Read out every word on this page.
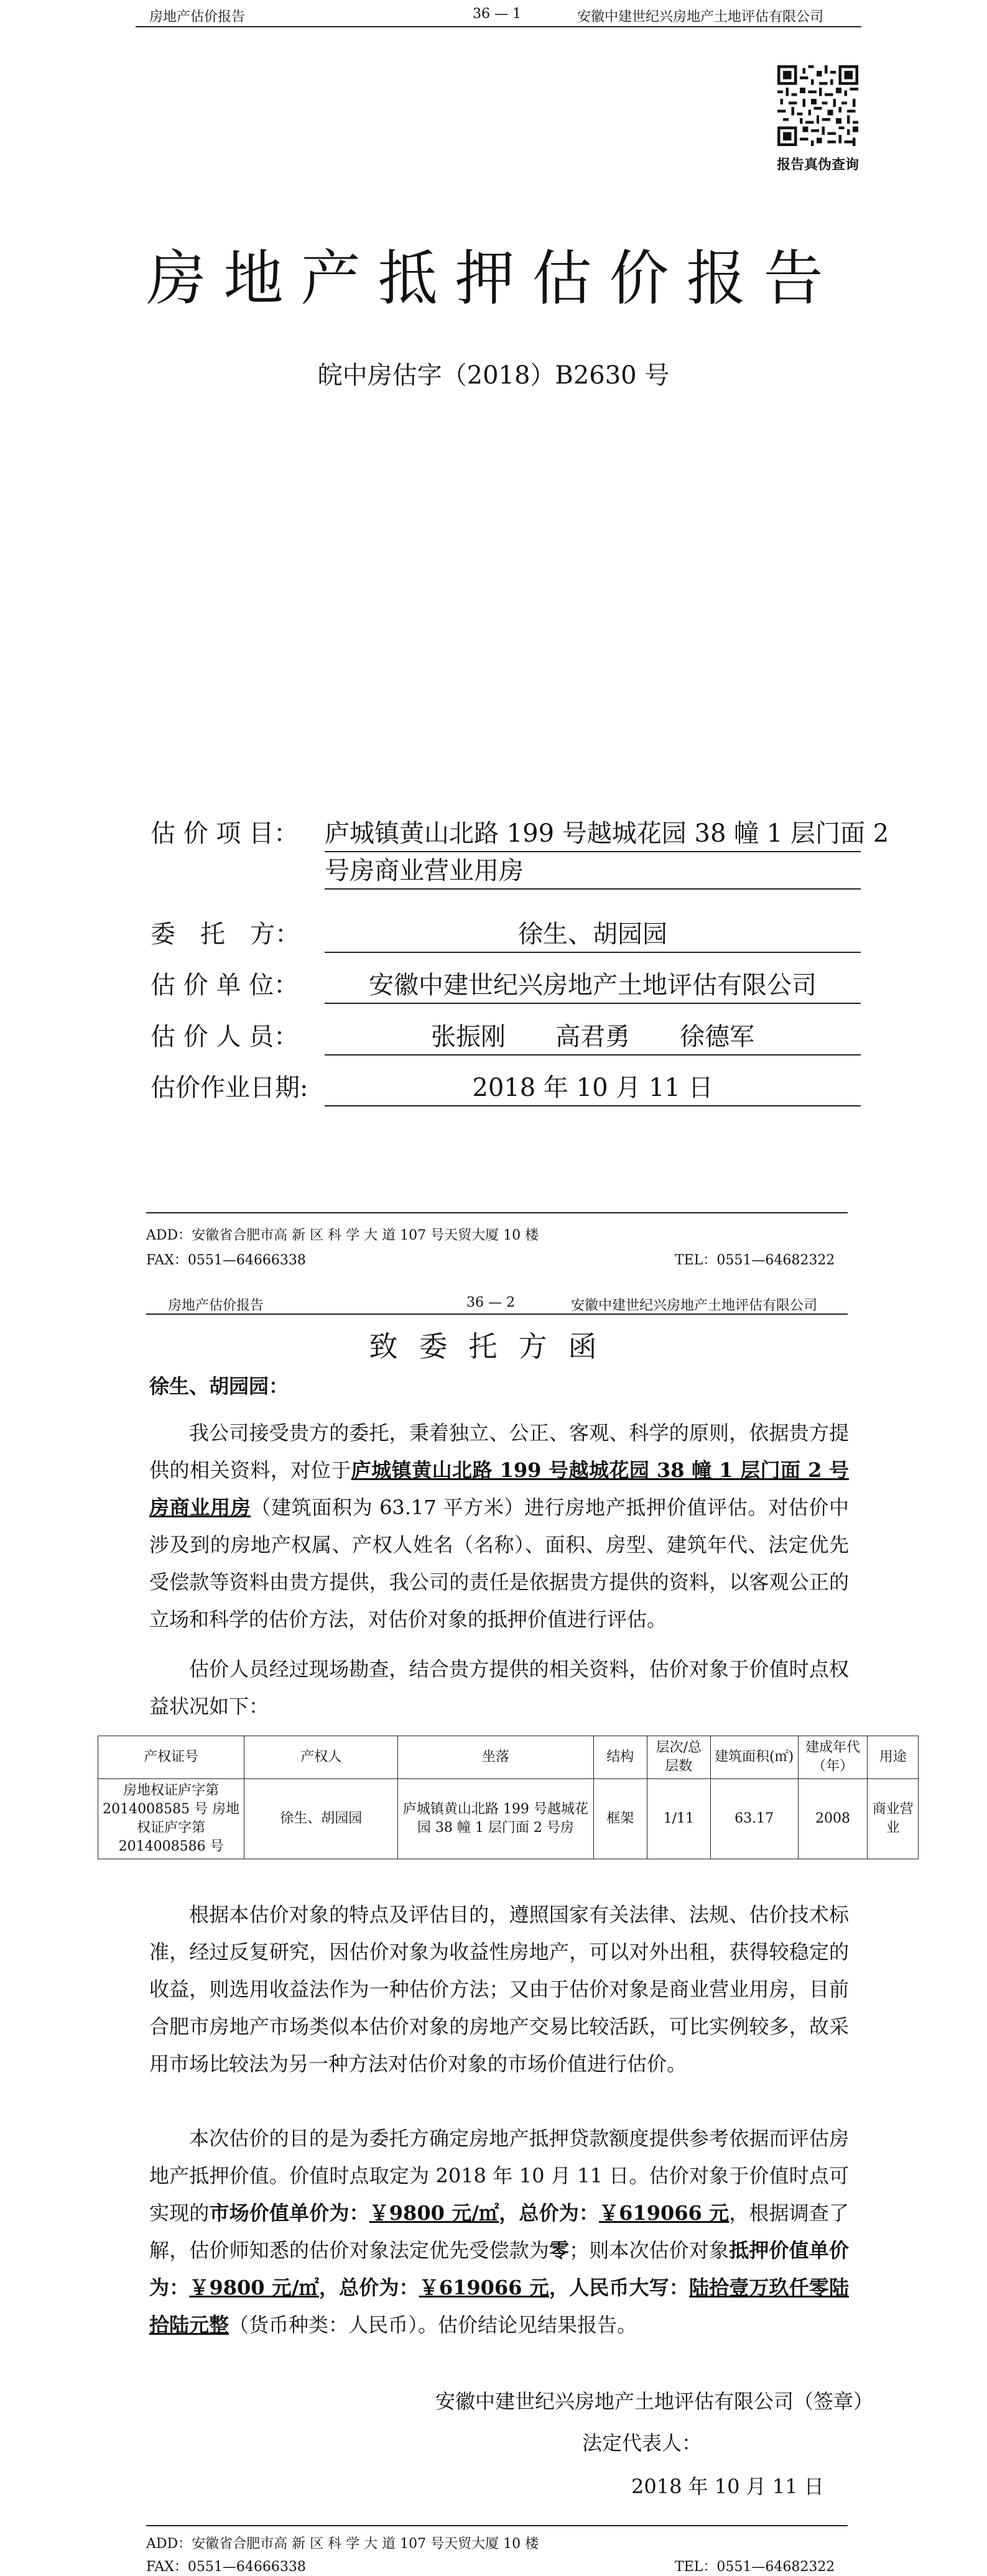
房地产估价报告	36 — 1	安徽中建世纪兴房地产土地评估有限公司
报告真伪查询
房地产抵押估价报告
皖中房估字（2018）B2630 号
估 价 项 目： 庐城镇黄山北路 199 号越城花园 38 幢 1 层门面 2
号房商业营业用房
委　托　方：	徐生、胡园园
估 价 单 位：	安徽中建世纪兴房地产土地评估有限公司
估 价 人 员：	张振刚　　高君勇　　徐德军
估价作业日期:	2018 年 10 月 11 日
ADD：安徽省合肥市高 新 区 科 学 大 道 107 号天贸大厦 10 楼
FAX：0551—64666338	TEL：0551—64682322
房地产估价报告	36 — 2	安徽中建世纪兴房地产土地评估有限公司
致委托方函
徐生、胡园园：
我公司接受贵方的委托，秉着独立、公正、客观、科学的原则，依据贵方提供的相关资料，对位于庐城镇黄山北路 199 号越城花园 38 幢 1 层门面 2 号房商业用房（建筑面积为 63.17 平方米）进行房地产抵押价值评估。对估价中涉及到的房地产权属、产权人姓名（名称）、面积、房型、建筑年代、法定优先受偿款等资料由贵方提供，我公司的责任是依据贵方提供的资料，以客观公正的立场和科学的估价方法，对估价对象的抵押价值进行评估。
估价人员经过现场勘查，结合贵方提供的相关资料，估价对象于价值时点权益状况如下：
产权证号	产权人	坐落	结构	层次/总层数	建筑面积(㎡)	建成年代（年）	用途
房地权证庐字第 2014008585 号 房地权证庐字第 2014008586 号	徐生、胡园园	庐城镇黄山北路 199 号越城花园 38 幢 1 层门面 2 号房	框架	1/11	63.17	2008	商业营业
根据本估价对象的特点及评估目的，遵照国家有关法律、法规、估价技术标准，经过反复研究，因估价对象为收益性房地产，可以对外出租，获得较稳定的收益，则选用收益法作为一种估价方法；又由于估价对象是商业营业用房，目前合肥市房地产市场类似本估价对象的房地产交易比较活跃，可比实例较多，故采用市场比较法为另一种方法对估价对象的市场价值进行估价。
本次估价的目的是为委托方确定房地产抵押贷款额度提供参考依据而评估房地产抵押价值。价值时点取定为 2018 年 10 月 11 日。估价对象于价值时点可实现的市场价值单价为：￥9800 元/㎡，总价为：￥619066 元，根据调查了解，估价师知悉的估价对象法定优先受偿款为零；则本次估价对象抵押价值单价为：￥9800 元/㎡，总价为：￥619066 元，人民币大写：陆拾壹万玖仟零陆拾陆元整（货币种类：人民币）。估价结论见结果报告。
安徽中建世纪兴房地产土地评估有限公司（签章）
法定代表人：
2018 年 10 月 11 日
ADD：安徽省合肥市高 新 区 科 学 大 道 107 号天贸大厦 10 楼
FAX：0551—64666338	TEL：0551—64682322
